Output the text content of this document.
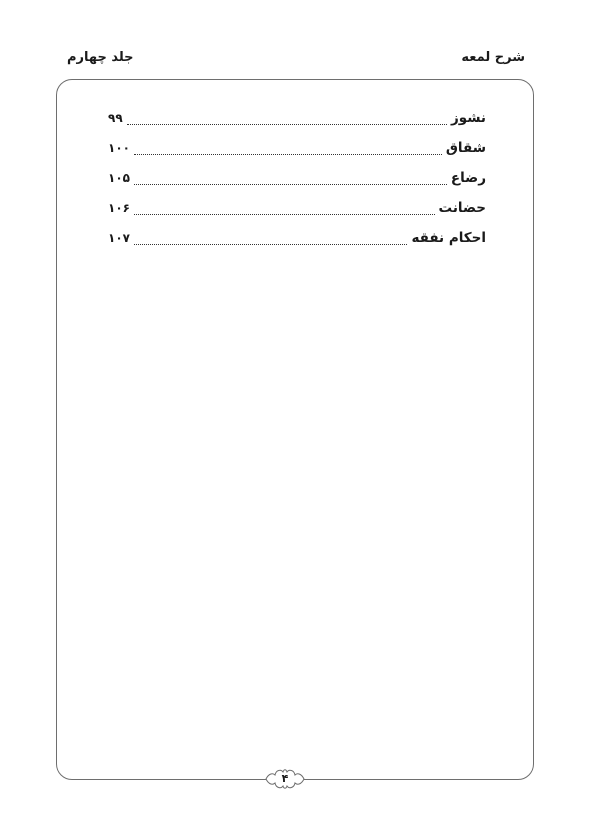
شرح لمعه
جلد چهارم
نشوز
۹۹
شقاق
۱۰۰
رضاع
۱۰۵
حضانت
۱۰۶
احکام نفقه
۱۰۷
۴
